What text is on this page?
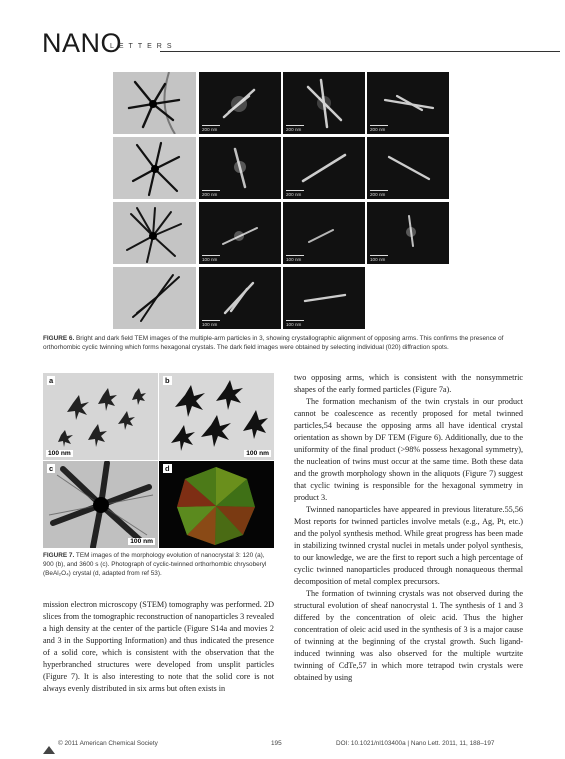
NANO
LETTERS
200 nm	200 nm	200 nm
200 nm	200 nm	200 nm
100 nm	100 nm	100 nm
100 nm	100 nm
FIGURE 6. Bright and dark field TEM images of the multiple-arm particles in 3, showing crystallographic alignment of opposing arms. This confirms the presence of orthorhombic cyclic twinning which forms hexagonal crystals. The dark field images were obtained by selecting individual (020) diffraction spots.
a
100 nm
b
100 nm
c
100 nm
d
FIGURE 7. TEM images of the morphology evolution of nanocrystal 3: 120 (a), 900 (b), and 3600 s (c). Photograph of cyclic-twinned orthorhombic chrysoberyl (BeAl₂O₄) crystal (d, adapted from ref 53).

mission electron microscopy (STEM) tomography was performed. 2D slices from the tomographic reconstruction of nanoparticles 3 revealed a high density at the center of the particle (Figure S14a and movies 2 and 3 in the Supporting Information) and thus indicated the presence of a solid core, which is consistent with the observation that the hyperbranched structures were developed from unsplit particles (Figure 7). It is also interesting to note that the solid core is not always evenly distributed in six arms but often exists in

two opposing arms, which is consistent with the nonsymmetric shapes of the early formed particles (Figure 7a).

The formation mechanism of the twin crystals in our product cannot be coalescence as recently proposed for metal twinned particles,54 because the opposing arms all have identical crystal orientation as shown by DF TEM (Figure 6). Additionally, due to the uniformity of the final product (>98% possess hexagonal symmetry), the nucleation of twins must occur at the same time. Both these data and the growth morphology shown in the aliquots (Figure 7) suggest that cyclic twining is responsible for the hexagonal symmetry in product 3.

Twinned nanoparticles have appeared in previous literature.55,56 Most reports for twinned particles involve metals (e.g., Ag, Pt, etc.) and the polyol synthesis method. While great progress has been made in stabilizing twinned crystal nuclei in metals under polyol synthesis, to our knowledge, we are the first to report such a high percentage of cyclic twinned nanoparticles produced through nonaqueous thermal decomposition of metal complex precursors.

The formation of twinning crystals was not observed during the structural evolution of sheaf nanocrystal 1. The synthesis of 1 and 3 differed by the concentration of oleic acid. Thus the higher concentration of oleic acid used in the synthesis of 3 is a major cause of twinning at the beginning of the crystal growth. Such ligand-induced twinning was also observed for the multiple wurtzite twinning of CdTe,57 in which more tetrapod twin crystals were obtained by using

© 2011 American Chemical Society	195	DOI: 10.1021/nl103400a | Nano Lett. 2011, 11, 188–197
